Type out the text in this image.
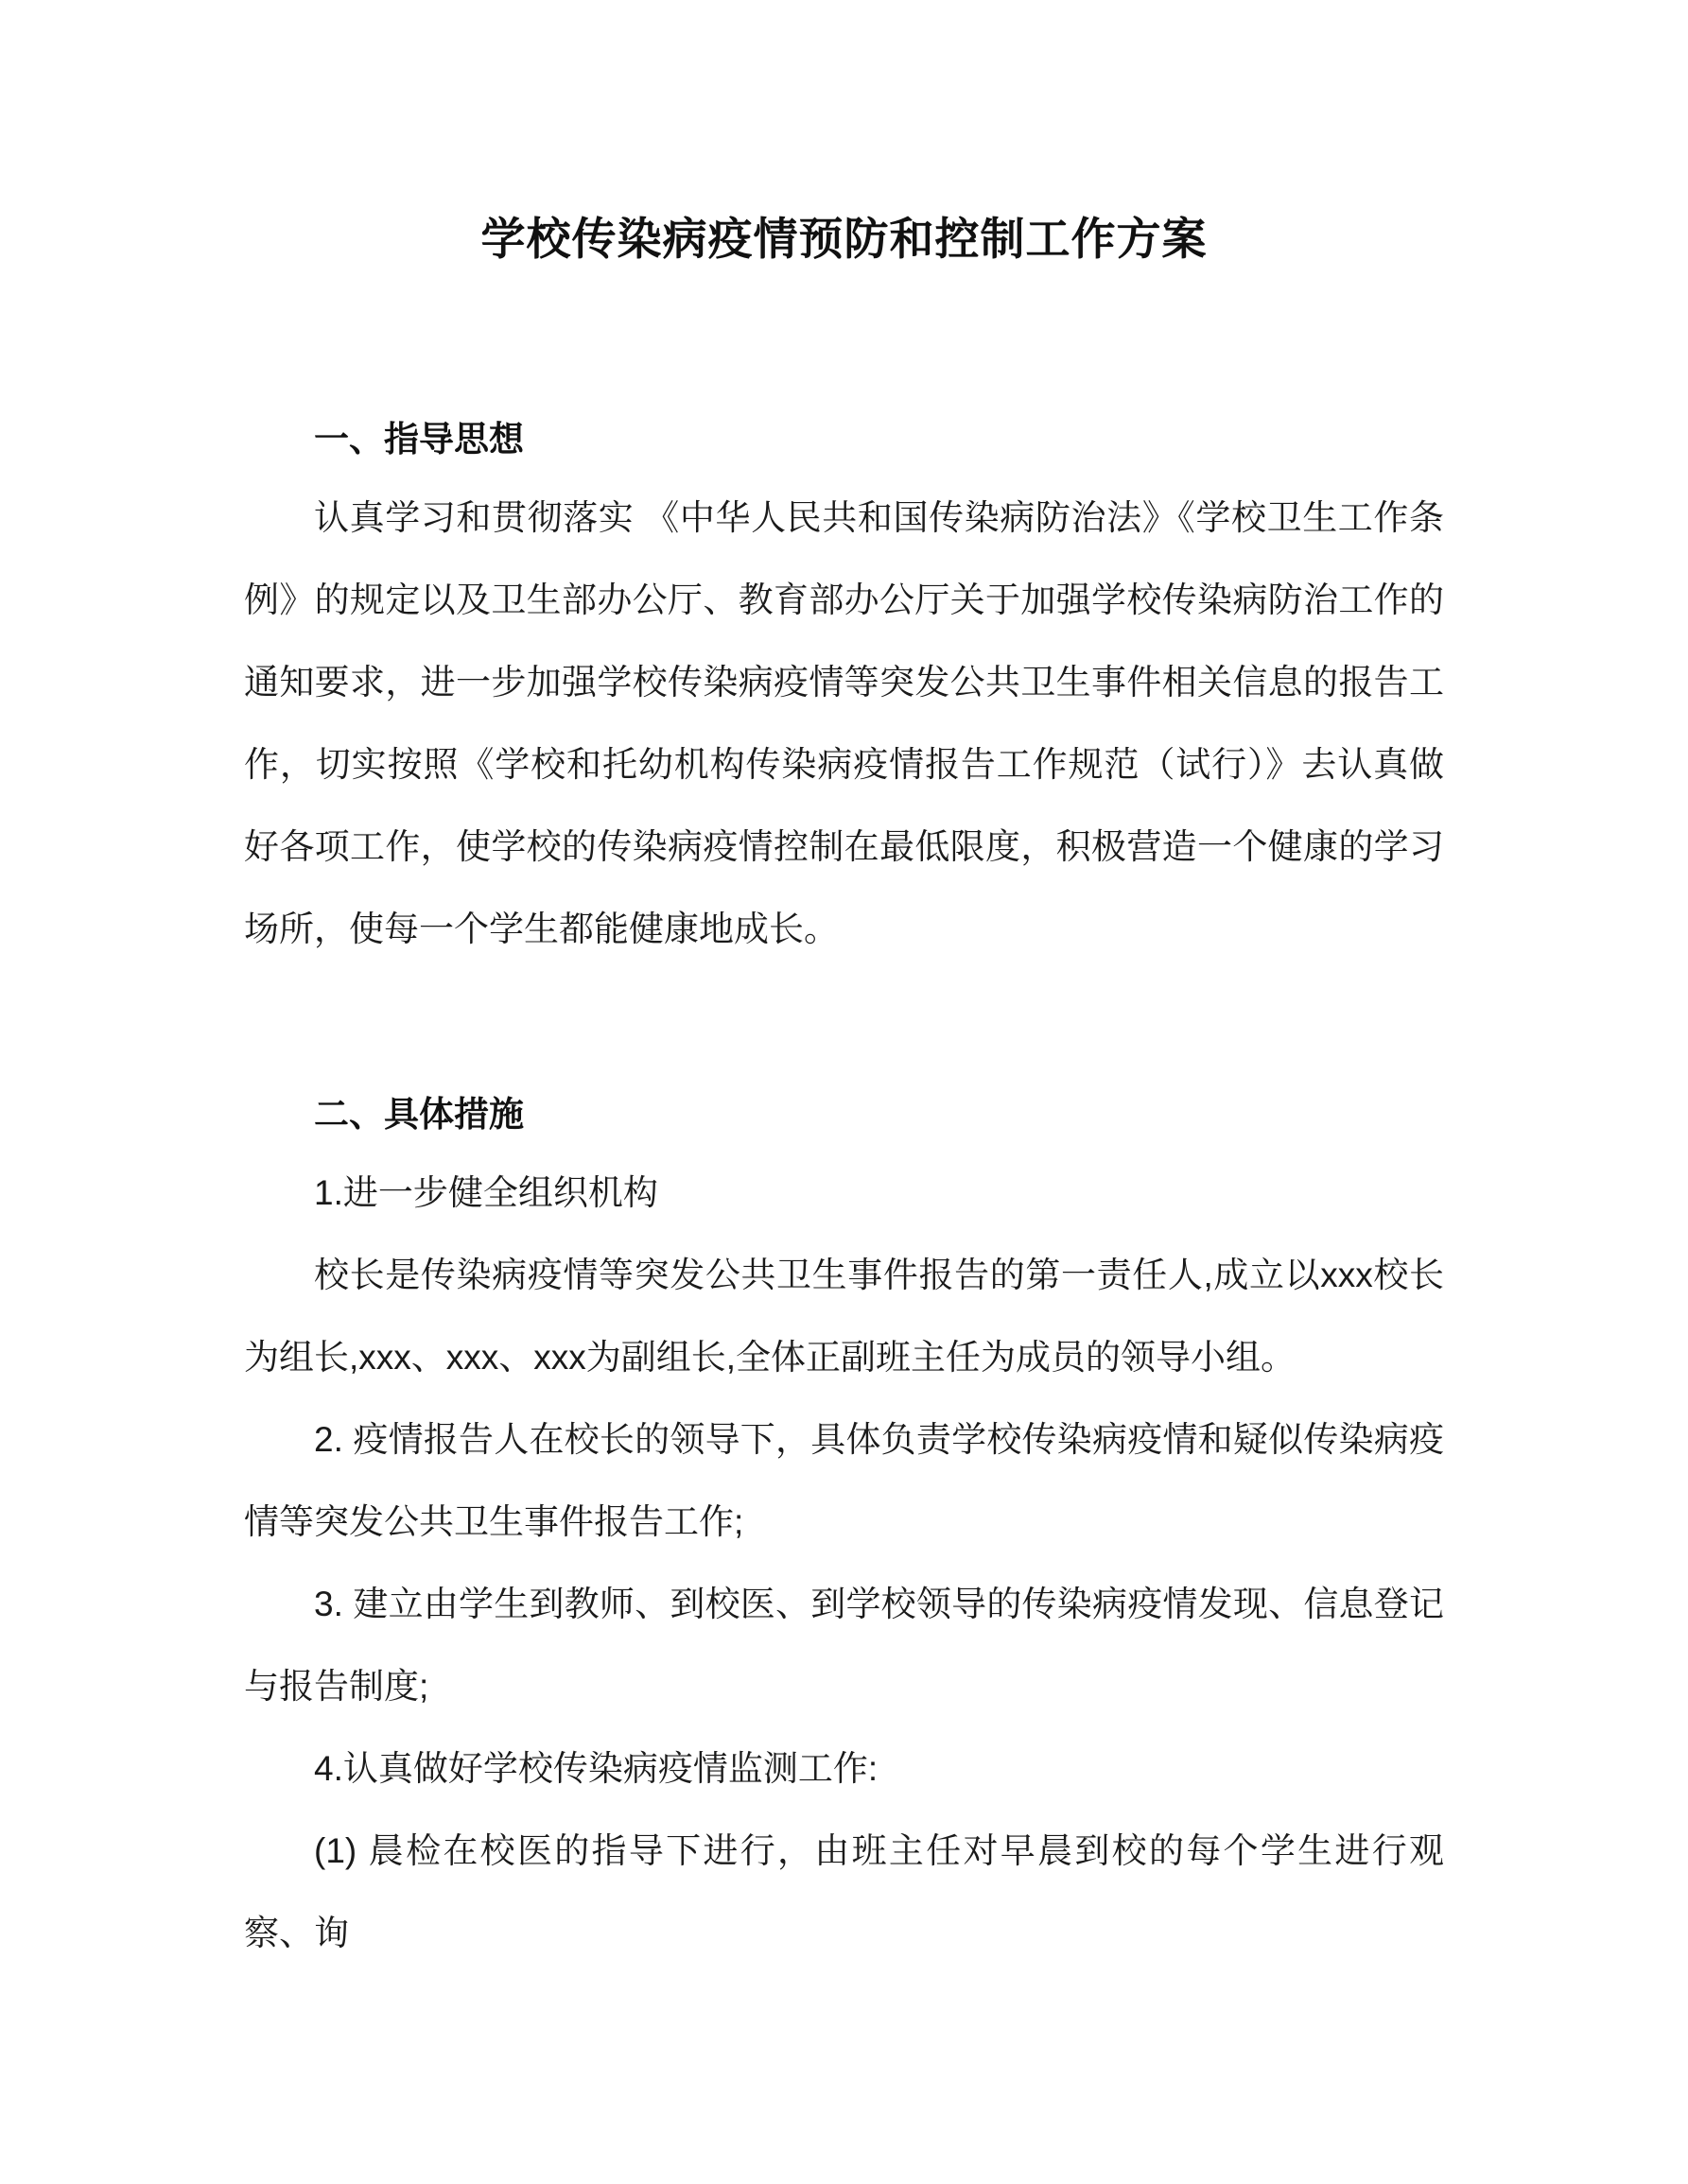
学校传染病疫情预防和控制工作方案
一、指导思想

认真学习和贯彻落实 《中华人民共和国传染病防治法》《学校卫生工作条例》的规定以及卫生部办公厅、教育部办公厅关于加强学校传染病防治工作的通知要求，进一步加强学校传染病疫情等突发公共卫生事件相关信息的报告工作，切实按照《学校和托幼机构传染病疫情报告工作规范（试行）》去认真做好各项工作，使学校的传染病疫情控制在最低限度，积极营造一个健康的学习场所，使每一个学生都能健康地成长。

二、具体措施

1.进一步健全组织机构

校长是传染病疫情等突发公共卫生事件报告的第一责任人,成立以xxx校长为组长,xxx、xxx、xxx为副组长,全体正副班主任为成员的领导小组。

2. 疫情报告人在校长的领导下，具体负责学校传染病疫情和疑似传染病疫情等突发公共卫生事件报告工作;

3. 建立由学生到教师、到校医、到学校领导的传染病疫情发现、信息登记与报告制度;

4.认真做好学校传染病疫情监测工作:

(1) 晨检在校医的指导下进行，由班主任对早晨到校的每个学生进行观察、询
